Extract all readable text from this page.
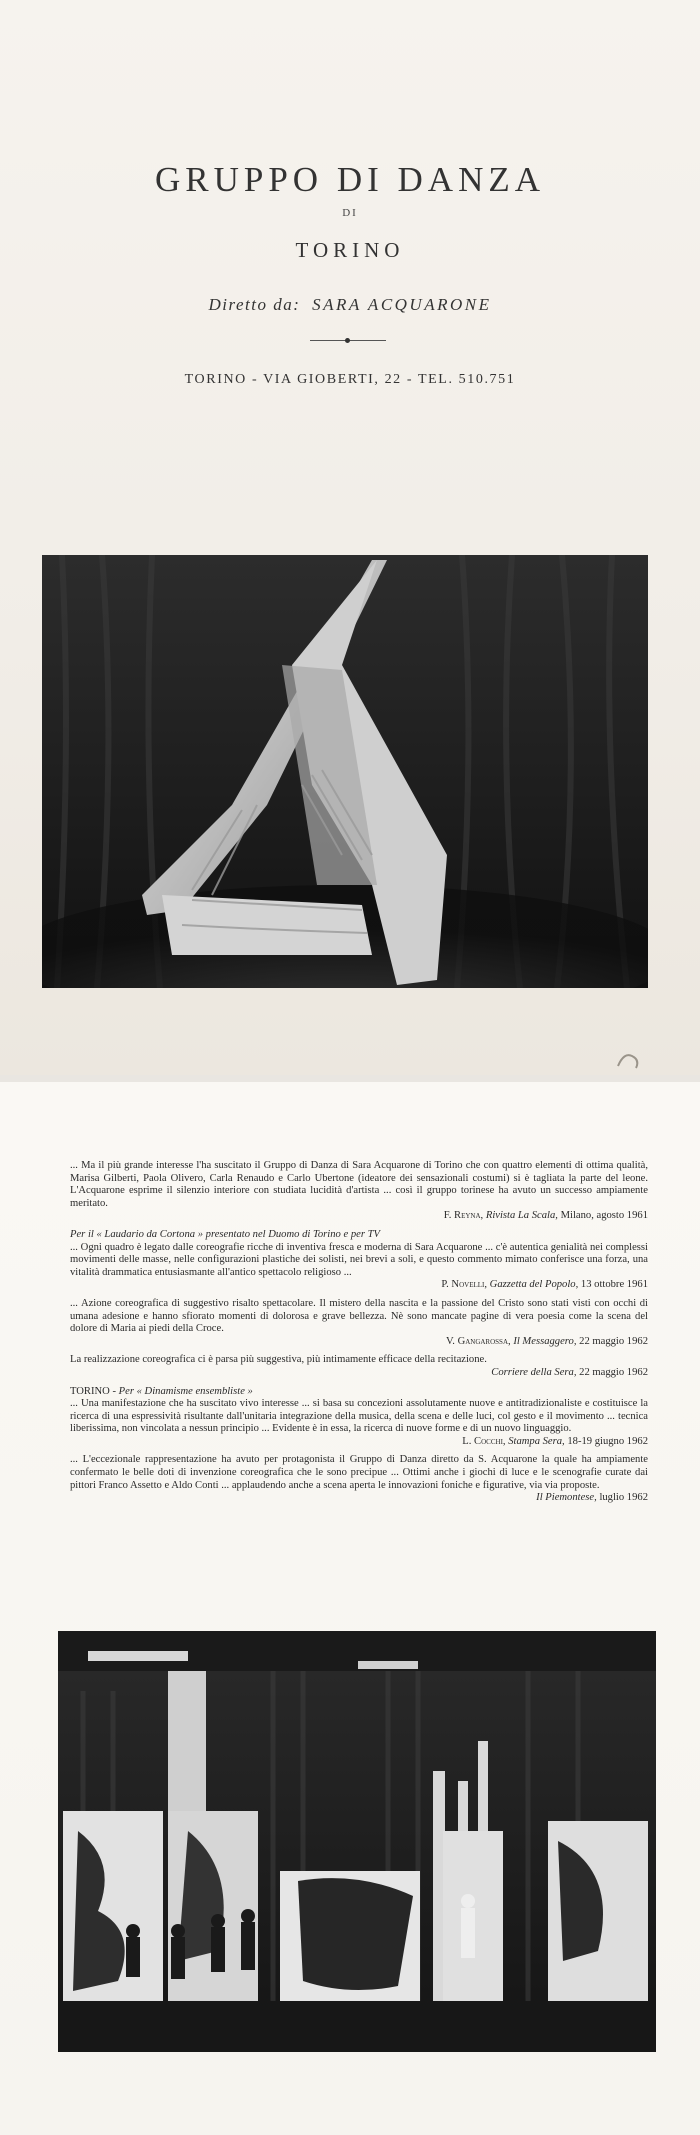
GRUPPO DI DANZA
DI
TORINO
Diretto da: SARA ACQUARONE
TORINO - VIA GIOBERTI, 22 - TEL. 510.751

... Ma il più grande interesse l'ha suscitato il Gruppo di Danza di Sara Acquarone di Torino che con quattro elementi di ottima qualità, Marisa Gilberti, Paola Olivero, Carla Renaudo e Carlo Ubertone (ideatore dei sensazionali costumi) si è tagliata la parte del leone. L'Acquarone esprime il silenzio interiore con studiata lucidità d'artista ... così il gruppo torinese ha avuto un successo ampiamente meritato.

F. Reyna, Rivista La Scala, Milano, agosto 1961

Per il « Laudario da Cortona » presentato nel Duomo di Torino e per TV

... Ogni quadro è legato dalle coreografie ricche di inventiva fresca e moderna di Sara Acquarone ... c'è autentica genialità nei complessi movimenti delle masse, nelle configurazioni plastiche dei solisti, nei brevi a soli, e questo commento mimato conferisce una forza, una vitalità drammatica entusiasmante all'antico spettacolo religioso ...

P. Novelli, Gazzetta del Popolo, 13 ottobre 1961

... Azione coreografica di suggestivo risalto spettacolare. Il mistero della nascita e la passione del Cristo sono stati visti con occhi di umana adesione e hanno sfiorato momenti di dolorosa e grave bellezza. Nè sono mancate pagine di vera poesia come la scena del dolore di Maria ai piedi della Croce.

V. Gangarossa, Il Messaggero, 22 maggio 1962

La realizzazione coreografica ci è parsa più suggestiva, più intimamente efficace della recitazione.

Corriere della Sera, 22 maggio 1962

TORINO - Per « Dinamisme ensembliste »

... Una manifestazione che ha suscitato vivo interesse ... si basa su concezioni assolutamente nuove e antitradizionaliste e costituisce la ricerca di una espressività risultante dall'unitaria integrazione della musica, della scena e delle luci, col gesto e il movimento ... tecnica liberissima, non vincolata a nessun principio ... Evidente è in essa, la ricerca di nuove forme e di un nuovo linguaggio.

L. Cocchi, Stampa Sera, 18-19 giugno 1962

... L'eccezionale rappresentazione ha avuto per protagonista il Gruppo di Danza diretto da S. Acquarone la quale ha ampiamente confermato le belle doti di invenzione coreografica che le sono precipue ... Ottimi anche i giochi di luce e le scenografie curate dai pittori Franco Assetto e Aldo Conti ... applaudendo anche a scena aperta le innovazioni foniche e figurative, via via proposte.

Il Piemontese, luglio 1962
